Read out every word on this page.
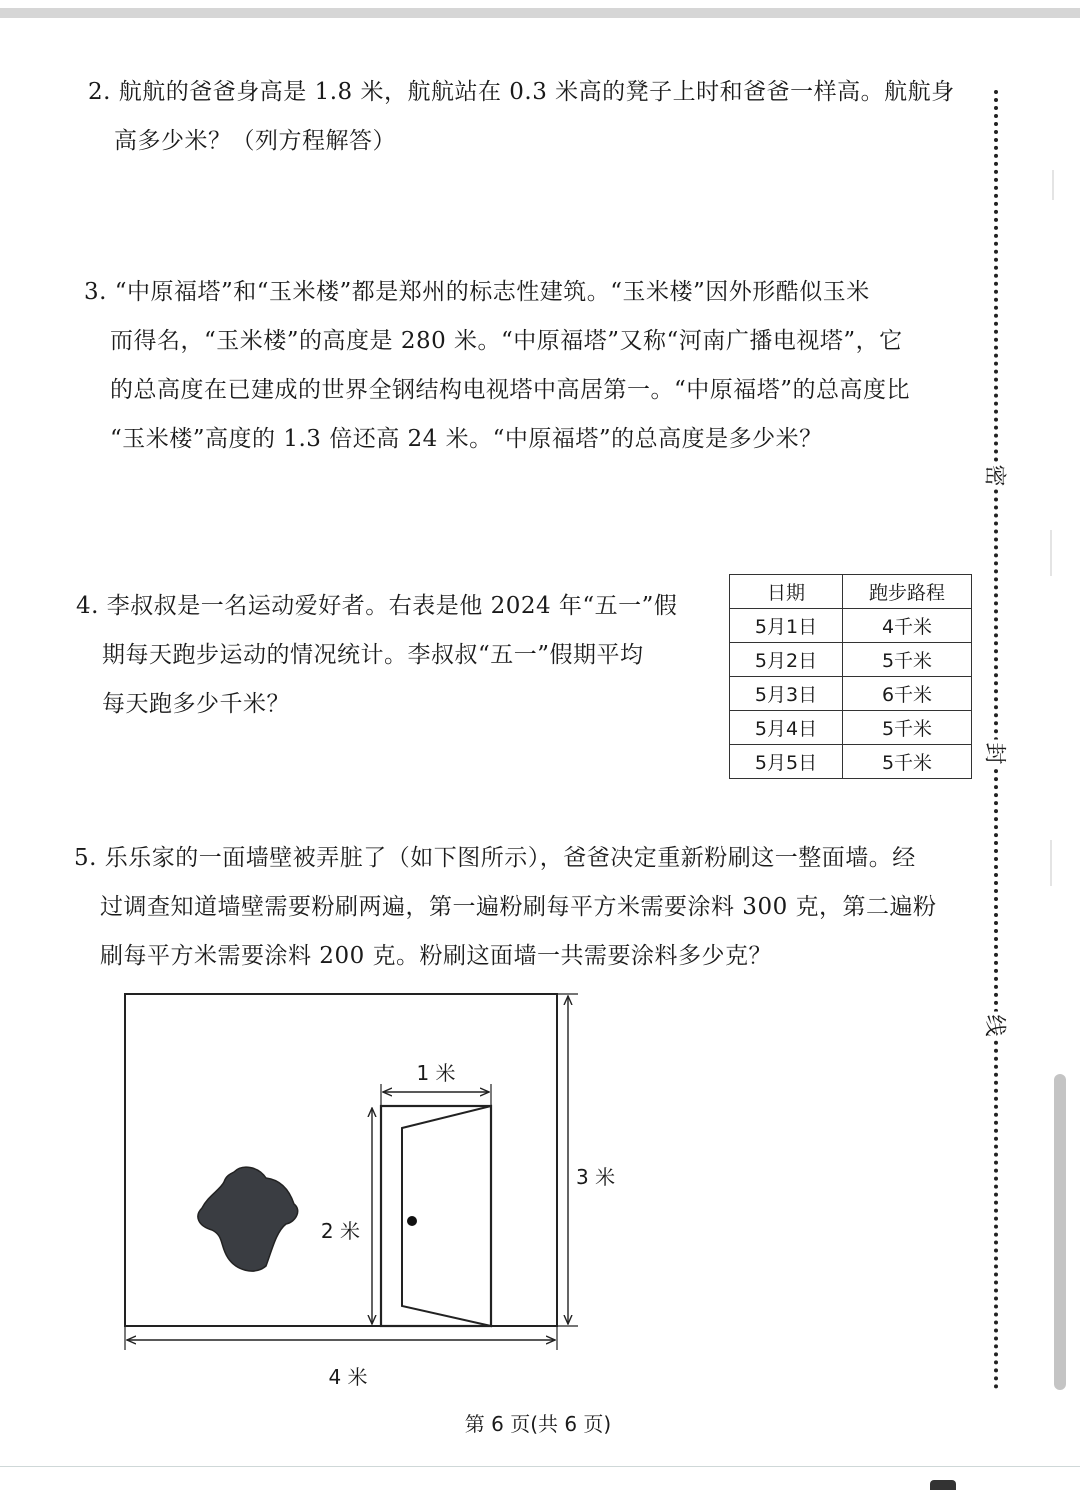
2. 航航的爸爸身高是 1.8 米，航航站在 0.3 米高的凳子上时和爸爸一样高。航航身

高多少米？（列方程解答）

3. “中原福塔”和“玉米楼”都是郑州的标志性建筑。“玉米楼”因外形酷似玉米

而得名，“玉米楼”的高度是 280 米。“中原福塔”又称“河南广播电视塔”，它

的总高度在已建成的世界全钢结构电视塔中高居第一。“中原福塔”的总高度比

“玉米楼”高度的 1.3 倍还高 24 米。“中原福塔”的总高度是多少米？

4. 李叔叔是一名运动爱好者。右表是他 2024 年“五一”假

期每天跑步运动的情况统计。李叔叔“五一”假期平均

每天跑多少千米？

日期	跑步路程
5月1日	4千米
5月2日	5千米
5月3日	6千米
5月4日	5千米
5月5日	5千米

5. 乐乐家的一面墙壁被弄脏了（如下图所示），爸爸决定重新粉刷这一整面墙。经

过调查知道墙壁需要粉刷两遍，第一遍粉刷每平方米需要涂料 300 克，第二遍粉

刷每平方米需要涂料 200 克。粉刷这面墙一共需要涂料多少克？

1 米
2 米
3 米
4 米
第 6 页(共 6 页)
密
封
线
